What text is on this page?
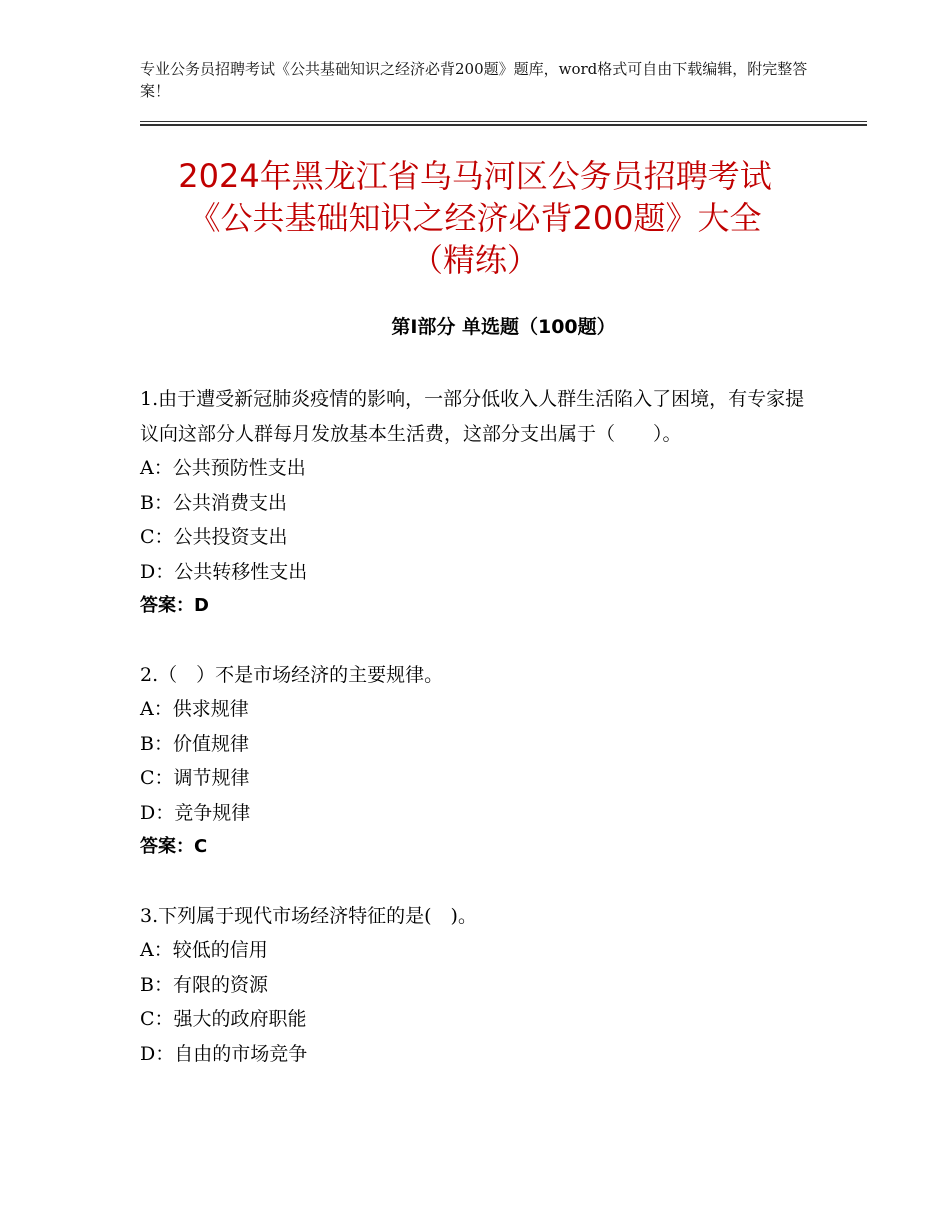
专业公务员招聘考试《公共基础知识之经济必背200题》题库，word格式可自由下载编辑，附完整答案！
2024年黑龙江省乌马河区公务员招聘考试
《公共基础知识之经济必背200题》大全
（精练）
第Ⅰ部分 单选题（100题）

1.由于遭受新冠肺炎疫情的影响，一部分低收入人群生活陷入了困境，有专家提议向这部分人群每月发放基本生活费，这部分支出属于（　　）。

A：公共预防性支出

B：公共消费支出

C：公共投资支出

D：公共转移性支出

答案：D

2.（　）不是市场经济的主要规律。

A：供求规律

B：价值规律

C：调节规律

D：竞争规律

答案：C

3.下列属于现代市场经济特征的是(　)。

A：较低的信用

B：有限的资源

C：强大的政府职能

D：自由的市场竞争
